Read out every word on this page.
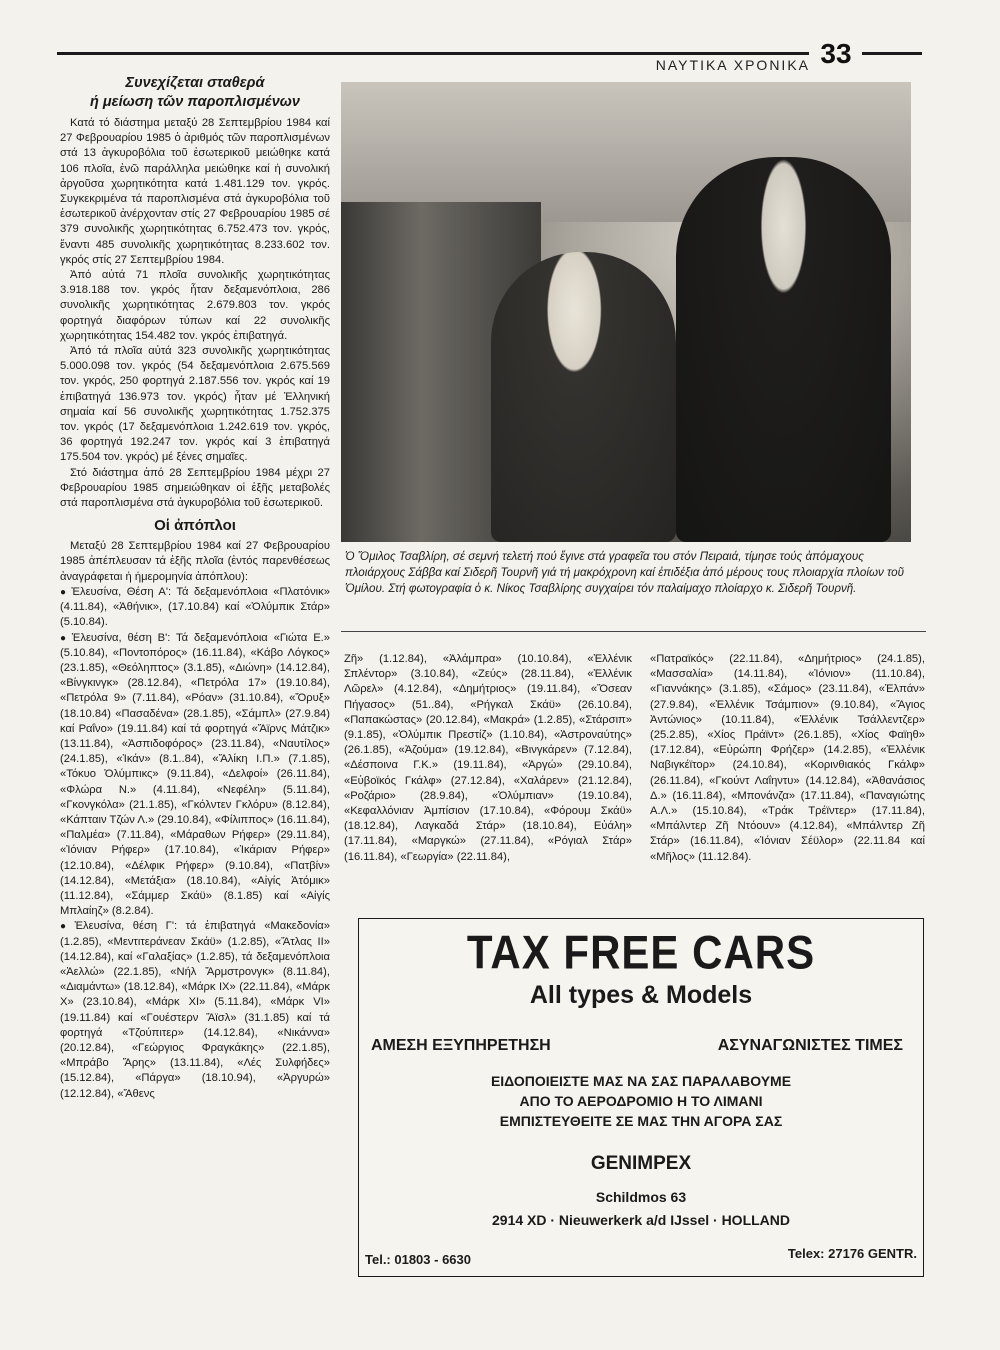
ΝΑΥΤΙΚΑ ΧΡΟΝΙΚΑ 33

Συνεχίζεται σταθερά

ή μείωση τῶν παροπλισμένων

Κατά τό διάστημα μεταξύ 28 Σεπτεμβρίου 1984 καί 27 Φεβρουαρίου 1985 ὁ ἀριθμός τῶν παροπλισμένων στά 13 ἀγκυροβόλια τοῦ ἐσωτερικοῦ μειώθηκε κατά 106 πλοῖα, ἐνῶ παράλληλα μειώθηκε καί ἡ συνολική ἀργοῦσα χωρητικότητα κατά 1.481.129 τον. γκρός. Συγκεκριμένα τά παροπλισμένα στά ἀγκυροβόλια τοῦ ἐσωτερικοῦ ἀνέρχονταν στίς 27 Φεβρουαρίου 1985 σέ 379 συνολικῆς χωρητικότητας 6.752.473 τον. γκρός, ἔναντι 485 συνολικῆς χωρητικότητας 8.233.602 τον. γκρός στίς 27 Σεπτεμβρίου 1984.

Ἀπό αὐτά 71 πλοῖα συνολικῆς χωρητικότητας 3.918.188 τον. γκρός ἦταν δεξαμενόπλοια, 286 συνολικῆς χωρητικότητας 2.679.803 τον. γκρός φορτηγά διαφόρων τύπων καί 22 συνολικῆς χωρητικότητας 154.482 τον. γκρός ἐπιβατηγά.

Ἀπό τά πλοῖα αὐτά 323 συνολικῆς χωρητικότητας 5.000.098 τον. γκρός (54 δεξαμενόπλοια 2.675.569 τον. γκρός, 250 φορτηγά 2.187.556 τον. γκρός καί 19 ἐπιβατηγά 136.973 τον. γκρός) ἦταν μέ Ἑλληνική σημαία καί 56 συνολικῆς χωρητικότητας 1.752.375 τον. γκρός (17 δεξαμενόπλοια 1.242.619 τον. γκρός, 36 φορτηγά 192.247 τον. γκρός καί 3 ἐπιβατηγά 175.504 τον. γκρός) μέ ξένες σημαῖες.

Στό διάστημα ἀπό 28 Σεπτεμβρίου 1984 μέχρι 27 Φεβρουαρίου 1985 σημειώθηκαν οἱ ἑξῆς μεταβολές στά παροπλισμένα στά ἀγκυροβόλια τοῦ ἐσωτερικοῦ.

Οἱ ἀπόπλοι

Μεταξύ 28 Σεπτεμβρίου 1984 καί 27 Φεβρουαρίου 1985 ἀπέπλευσαν τά ἑξῆς πλοῖα (ἐντός παρενθέσεως ἀναγράφεται ἡ ἡμερομηνία ἀπόπλου):

● Ἐλευσίνα, Θέση Α': Τά δεξαμενόπλοια «Πλατόνικ» (4.11.84), «Ἀθήνικ», (17.10.84) καί «Ὀλύμπικ Στάρ» (5.10.84).

● Ἐλευσίνα, θέση Β': Τά δεξαμενόπλοια «Γιώτα Ε.» (5.10.84), «Ποντοπόρος» (16.11.84), «Κάβο Λόγκος» (23.1.85), «Θεόληπτος» (3.1.85), «Διώνη» (14.12.84), «Βίνγκινγκ» (28.12.84), «Πετρόλα 17» (19.10.84), «Πετρόλα 9» (7.11.84), «Ρόαν» (31.10.84), «Ὄρυξ» (18.10.84) «Πασαδένα» (28.1.85), «Σάμπλ» (27.9.84) καί Ραΐνο» (19.11.84) καί τά φορτηγά «Ἄϊρνς Μάτζικ» (13.11.84), «Ἀσπιδοφόρος» (23.11.84), «Ναυτίλος» (24.1.85), «Ἰκάν» (8.1..84), «Ἄλίκη Ι.Π.» (7.1.85), «Τόκυο Ὀλύμπικς» (9.11.84), «Δελφοί» (26.11.84), «Φλώρα Ν.» (4.11.84), «Νεφέλη» (5.11.84), «Γκονγκόλα» (21.1.85), «Γκόλντεν Γκλόρυ» (8.12.84), «Κάπταιν Τζών Λ.» (29.10.84), «Φίλιππος» (16.11.84), «Παλμέα» (7.11.84), «Μάραθων Ρήφερ» (29.11.84), «Ἰόνιαν Ρήφερ» (17.10.84), «Ἰκάριαν Ρήφερ» (12.10.84), «Δέλφικ Ρήφερ» (9.10.84), «Πατβίν» (14.12.84), «Μετάξια» (18.10.84), «Αἰγίς Ἀτόμικ» (11.12.84), «Σάμμερ Σκάϋ» (8.1.85) καί «Αἰγίς Μπλαίηζ» (8.2.84).

● Ἐλευσίνα, θέση Γ': τά ἐπιβατηγά «Μακεδονία» (1.2.85), «Μεντιτεράνεαν Σκάϋ» (1.2.85), «Ἄτλας ΙΙ» (14.12.84), καί «Γαλαξίας» (1.2.85), τά δεξαμενόπλοια «Ἀελλώ» (22.1.85), «Νήλ Ἄρμστρονγκ» (8.11.84), «Διαμάντω» (18.12.84), «Μάρκ ΙΧ» (22.11.84), «Μάρκ Χ» (23.10.84), «Μάρκ ΧΙ» (5.11.84), «Μάρκ VI» (19.11.84) καί «Γουέστερν Ἄϊσλ» (31.1.85) καί τά φορτηγά «Τζούπιτερ» (14.12.84), «Νικάννα» (20.12.84), «Γεώργιος Φραγκάκης» (22.1.85), «Μπράβο Ἄρης» (13.11.84), «Λές Συλφήδες» (15.12.84), «Πάργα» (18.10.94), «Ἀργυρώ» (12.12.84), «Ἄθενς

Ὁ Ὅμιλος Τσαβλίρη, σέ σεμνή τελετή πού ἔγινε στά γραφεῖα του στόν Πειραιά, τίμησε τούς ἀπόμαχους πλοιάρχους Σάββα καί Σιδερῆ Τουρνῆ γιά τή μακρόχρονη καί ἐπιδέξια ἀπό μέρους τους πλοιαρχία πλοίων τοῦ Ὁμίλου. Στή φωτογραφία ὁ κ. Νίκος Τσαβλίρης συγχαίρει τόν παλαίμαχο πλοίαρχο κ. Σιδερῆ Τουρνῆ.

Ζῆ» (1.12.84), «Ἀλάμπρα» (10.10.84), «Ἐλλένικ Σπλέντορ» (3.10.84), «Ζεύς» (28.11.84), «Ἐλλένικ Λῶρελ» (4.12.84), «Δημήτριος» (19.11.84), «Ὄσεαν Πήγασος» (51..84), «Ρήγκαλ Σκάϋ» (26.10.84), «Παπακώστας» (20.12.84), «Μακρά» (1.2.85), «Στάρσιπ» (9.1.85), «Ὀλύμπικ Πρεστίζ» (1.10.84), «Ἀστροναύτης» (26.1.85), «Ἀζούμα» (19.12.84), «Βινγκάρεν» (7.12.84), «Δέσποινα Γ.Κ.» (19.11.84), «Ἀργώ» (29.10.84), «Εὐβοϊκός Γκάλφ» (27.12.84), «Χαλάρεν» (21.12.84), «Ροζάριο» (28.9.84), «Ὀλύμπιαν» (19.10.84), «Κεφαλλόνιαν Ἀμπίσιον (17.10.84), «Φόρουμ Σκάϋ» (18.12.84), Λαγκαδά Στάρ» (18.10.84), Εὐάλη» (17.11.84), «Μαργκώ» (27.11.84), «Ρόγιαλ Στάρ» (16.11.84), «Γεωργία» (22.11.84),

«Πατραϊκός» (22.11.84), «Δημήτριος» (24.1.85), «Μασσαλία» (14.11.84), «Ἰόνιον» (11.10.84), «Γιαννάκης» (3.1.85), «Σάμος» (23.11.84), «Ἐλπάν» (27.9.84), «Ἐλλένικ Τσάμπιον» (9.10.84), «Ἅγιος Ἀντώνιος» (10.11.84), «Ἐλλένικ Τσάλλεντζερ» (25.2.85), «Χίος Πράϊντ» (26.1.85), «Χίος Φαϊηθ» (17.12.84), «Εὐρώπη Φρήζερ» (14.2.85), «Ἐλλένικ Ναβιγκέϊτορ» (24.10.84), «Κορινθιακός Γκάλφ» (26.11.84), «Γκούντ Λαΐηντυ» (14.12.84), «Ἀθανάσιος Δ.» (16.11.84), «Μπονάνζα» (17.11.84), «Παναγιώτης Α.Λ.» (15.10.84), «Τράκ Τρέϊντερ» (17.11.84), «Μπάλντερ Ζῆ Ντόουν» (4.12.84), «Μπάλντερ Ζῆ Στάρ» (16.11.84), «Ἰόνιαν Σέϋλορ» (22.11.84 καί «Μῆλος» (11.12.84).

TAX FREE CARS
All types & Models
ΑΜΕΣΗ ΕΞΥΠΗΡΕΤΗΣΗ	ΑΣΥΝΑΓΩΝΙΣΤΕΣ ΤΙΜΕΣ
ΕΙΔΟΠΟΙΕΙΣΤΕ ΜΑΣ ΝΑ ΣΑΣ ΠΑΡΑΛΑΒΟΥΜΕ
ΑΠΟ ΤΟ ΑΕΡΟΔΡΟΜΙΟ Η ΤΟ ΛΙΜΑΝΙ
ΕΜΠΙΣΤΕΥΘΕΙΤΕ ΣΕ ΜΑΣ ΤΗΝ ΑΓΟΡΑ ΣΑΣ
GENIMPEX
Schildmos 63
2914 XD · Nieuwerkerk a/d IJssel · HOLLAND
Tel.: 01803 - 6630	Telex: 27176 GENTR.
